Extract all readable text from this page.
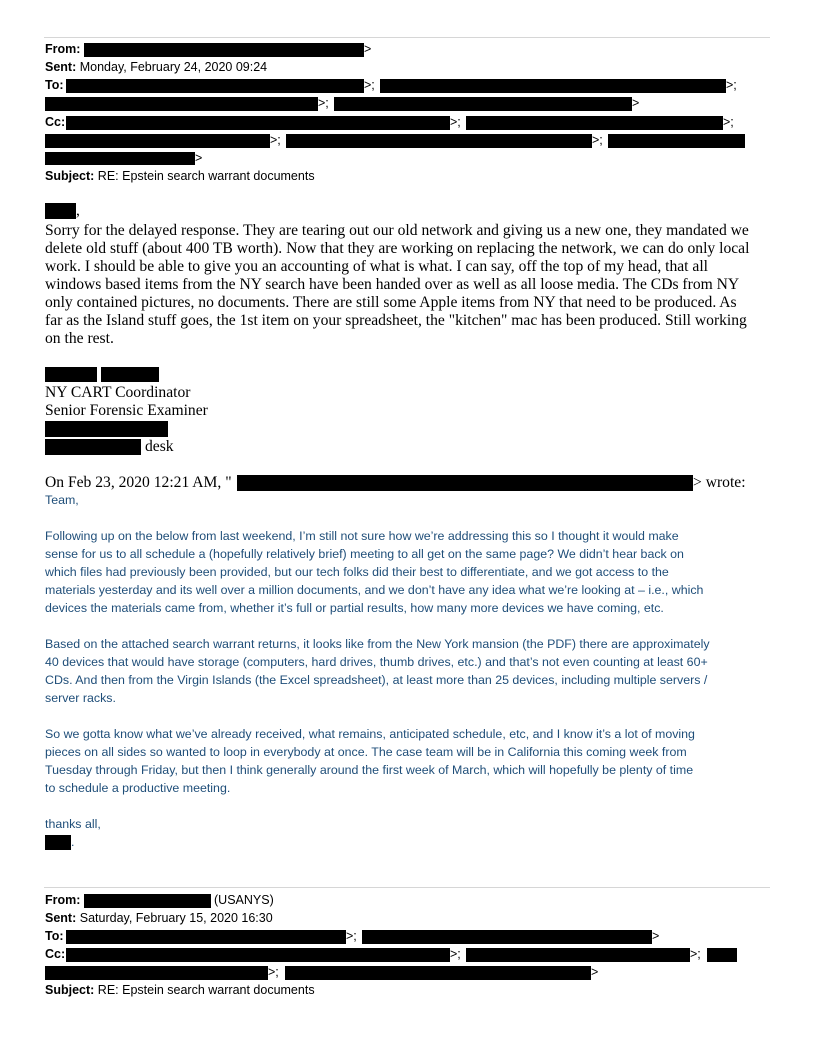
From:	>
Sent: Monday, February 24, 2020 09:24
To:	>;	>;
>;	>
Cc:	>;	>;
>;	>;
>
Subject: RE: Epstein search warrant documents
,
Sorry for the delayed response. They are tearing out our old network and giving us a new one, they mandated we
delete old stuff (about 400 TB worth). Now that they are working on replacing the network, we can do only local
work. I should be able to give you an accounting of what is what. I can say, off the top of my head, that all
windows based items from the NY search have been handed over as well as all loose media. The CDs from NY
only contained pictures, no documents. There are still some Apple items from NY that need to be produced. As
far as the Island stuff goes, the 1st item on your spreadsheet, the "kitchen" mac has been produced. Still working
on the rest.
NY CART Coordinator
Senior Forensic Examiner
desk
On Feb 23, 2020 12:21 AM, "	> wrote:
Team,
Following up on the below from last weekend, I’m still not sure how we’re addressing this so I thought it would make
sense for us to all schedule a (hopefully relatively brief) meeting to all get on the same page? We didn’t hear back on
which files had previously been provided, but our tech folks did their best to differentiate, and we got access to the
materials yesterday and its well over a million documents, and we don’t have any idea what we’re looking at – i.e., which
devices the materials came from, whether it’s full or partial results, how many more devices we have coming, etc.
Based on the attached search warrant returns, it looks like from the New York mansion (the PDF) there are approximately
40 devices that would have storage (computers, hard drives, thumb drives, etc.) and that’s not even counting at least 60+
CDs. And then from the Virgin Islands (the Excel spreadsheet), at least more than 25 devices, including multiple servers /
server racks.
So we gotta know what we’ve already received, what remains, anticipated schedule, etc, and I know it’s a lot of moving
pieces on all sides so wanted to loop in everybody at once. The case team will be in California this coming week from
Tuesday through Friday, but then I think generally around the first week of March, which will hopefully be plenty of time
to schedule a productive meeting.
thanks all,
.
From:	(USANYS)
Sent: Saturday, February 15, 2020 16:30
To:	>;	>
Cc:	>;	>;
>;	>
Subject: RE: Epstein search warrant documents
